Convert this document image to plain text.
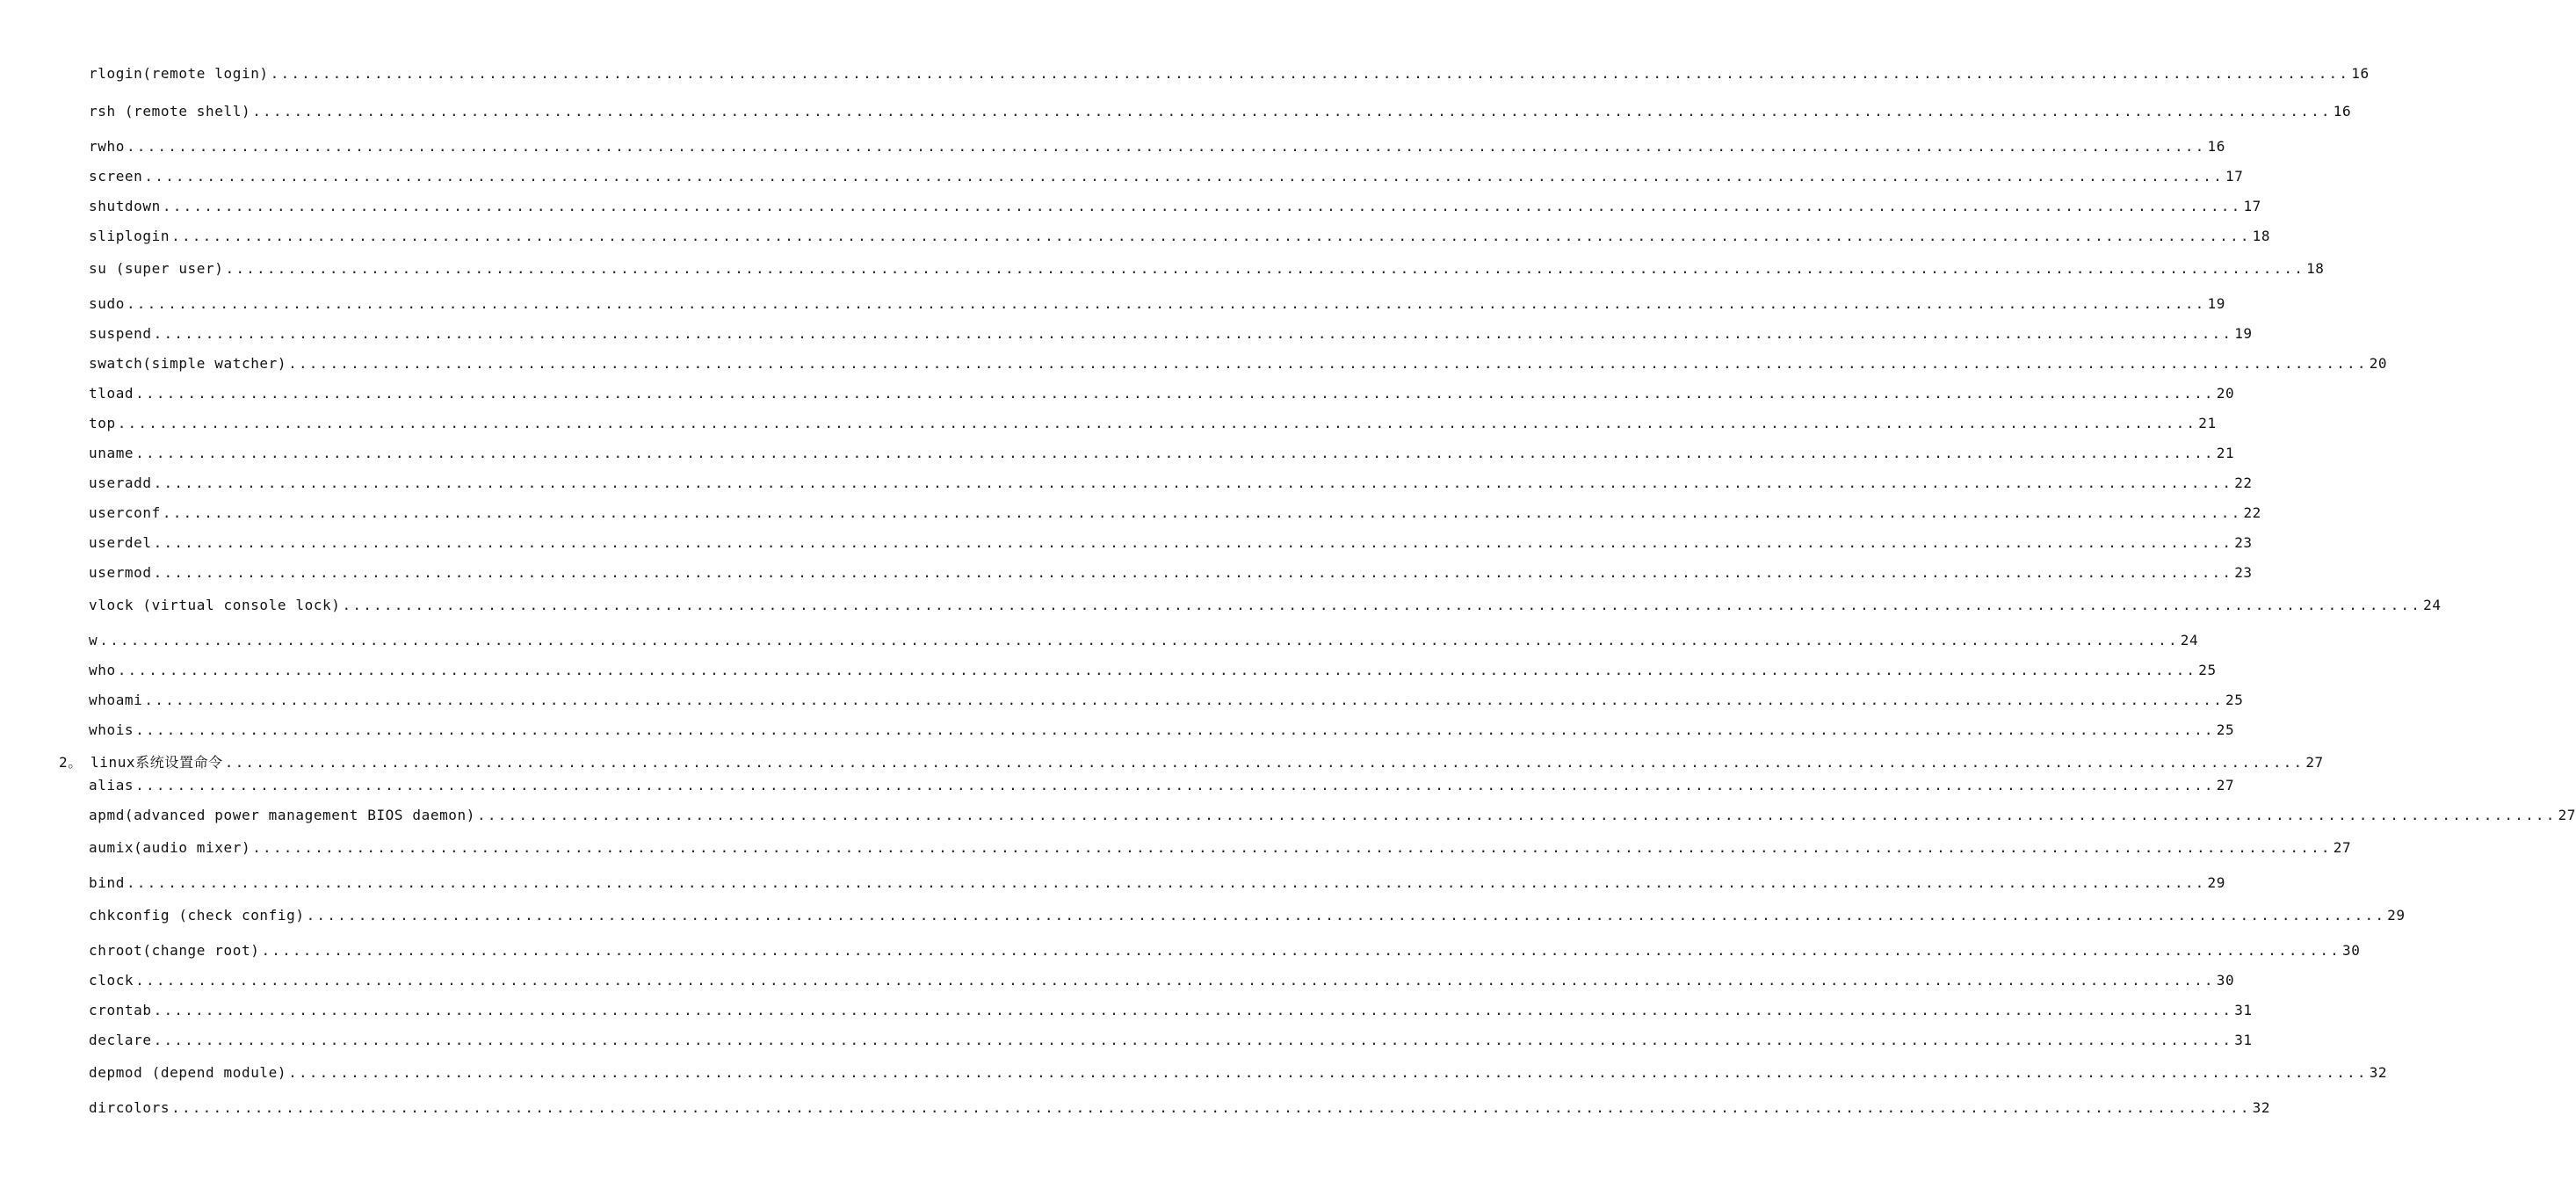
rlogin(remote login) ........................................................................................................................................................................................................ 16
rsh (remote shell) ........................................................................................................................................................................................................ 16
rwho ........................................................................................................................................................................................................ 16
screen ........................................................................................................................................................................................................ 17
shutdown ........................................................................................................................................................................................................ 17
sliplogin ........................................................................................................................................................................................................ 18
su (super user) ........................................................................................................................................................................................................ 18
sudo ........................................................................................................................................................................................................ 19
suspend ........................................................................................................................................................................................................ 19
swatch(simple watcher) ........................................................................................................................................................................................................ 20
tload ........................................................................................................................................................................................................ 20
top ........................................................................................................................................................................................................ 21
uname ........................................................................................................................................................................................................ 21
useradd ........................................................................................................................................................................................................ 22
userconf ........................................................................................................................................................................................................ 22
userdel ........................................................................................................................................................................................................ 23
usermod ........................................................................................................................................................................................................ 23
vlock (virtual console lock) ........................................................................................................................................................................................................ 24
w ........................................................................................................................................................................................................ 24
who ........................................................................................................................................................................................................ 25
whoami ........................................................................................................................................................................................................ 25
whois ........................................................................................................................................................................................................ 25
2。 linux系统设置命令 ........................................................................................................................................................................................................ 27
alias ........................................................................................................................................................................................................ 27
apmd(advanced power management BIOS daemon) ........................................................................................................................................................................................................ 27
aumix(audio mixer) ........................................................................................................................................................................................................ 27
bind ........................................................................................................................................................................................................ 29
chkconfig (check config) ........................................................................................................................................................................................................ 29
chroot(change root) ........................................................................................................................................................................................................ 30
clock ........................................................................................................................................................................................................ 30
crontab ........................................................................................................................................................................................................ 31
declare ........................................................................................................................................................................................................ 31
depmod (depend module) ........................................................................................................................................................................................................ 32
dircolors ........................................................................................................................................................................................................ 32
